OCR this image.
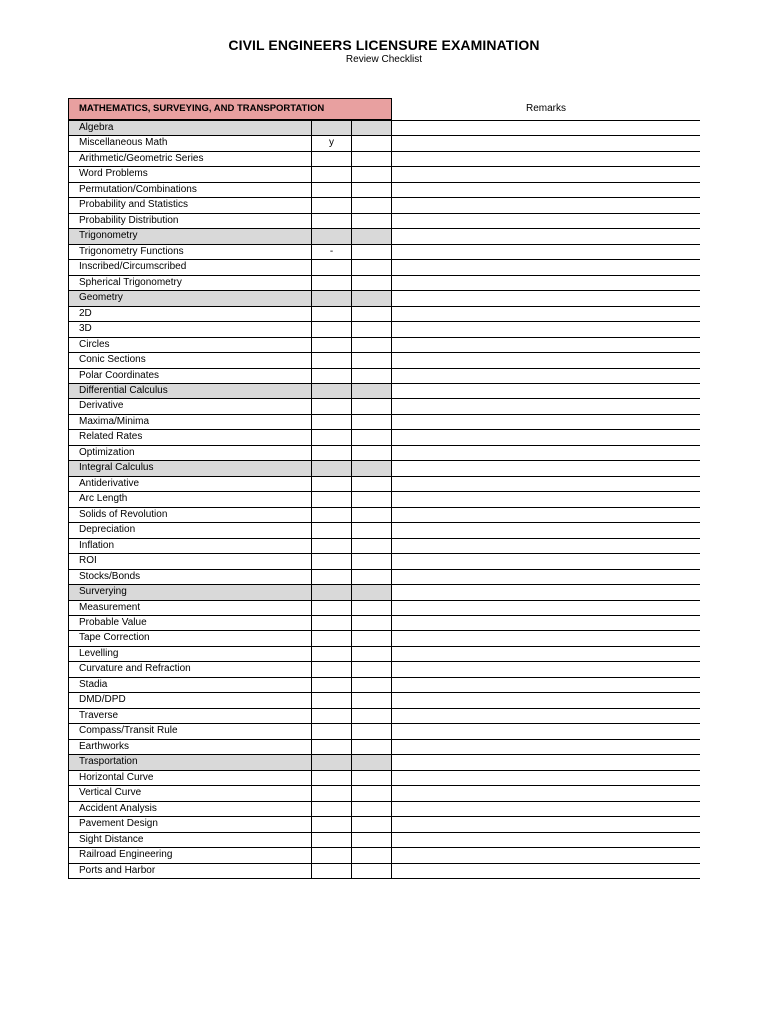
CIVIL ENGINEERS LICENSURE EXAMINATION
Review Checklist
MATHEMATICS, SURVEYING, AND TRANSPORTATION	Remarks
Algebra
Miscellaneous Math	y
Arithmetic/Geometric Series
Word Problems
Permutation/Combinations
Probability and Statistics
Probability Distribution
Trigonometry
Trigonometry Functions	-
Inscribed/Circumscribed
Spherical Trigonometry
Geometry
2D
3D
Circles
Conic Sections
Polar Coordinates
Differential Calculus
Derivative
Maxima/Minima
Related Rates
Optimization
Integral Calculus
Antiderivative
Arc Length
Solids of Revolution
Depreciation
Inflation
ROI
Stocks/Bonds
Surverying
Measurement
Probable Value
Tape Correction
Levelling
Curvature and Refraction
Stadia
DMD/DPD
Traverse
Compass/Transit Rule
Earthworks
Trasportation
Horizontal Curve
Vertical Curve
Accident Analysis
Pavement Design
Sight Distance
Railroad Engineering
Ports and Harbor
